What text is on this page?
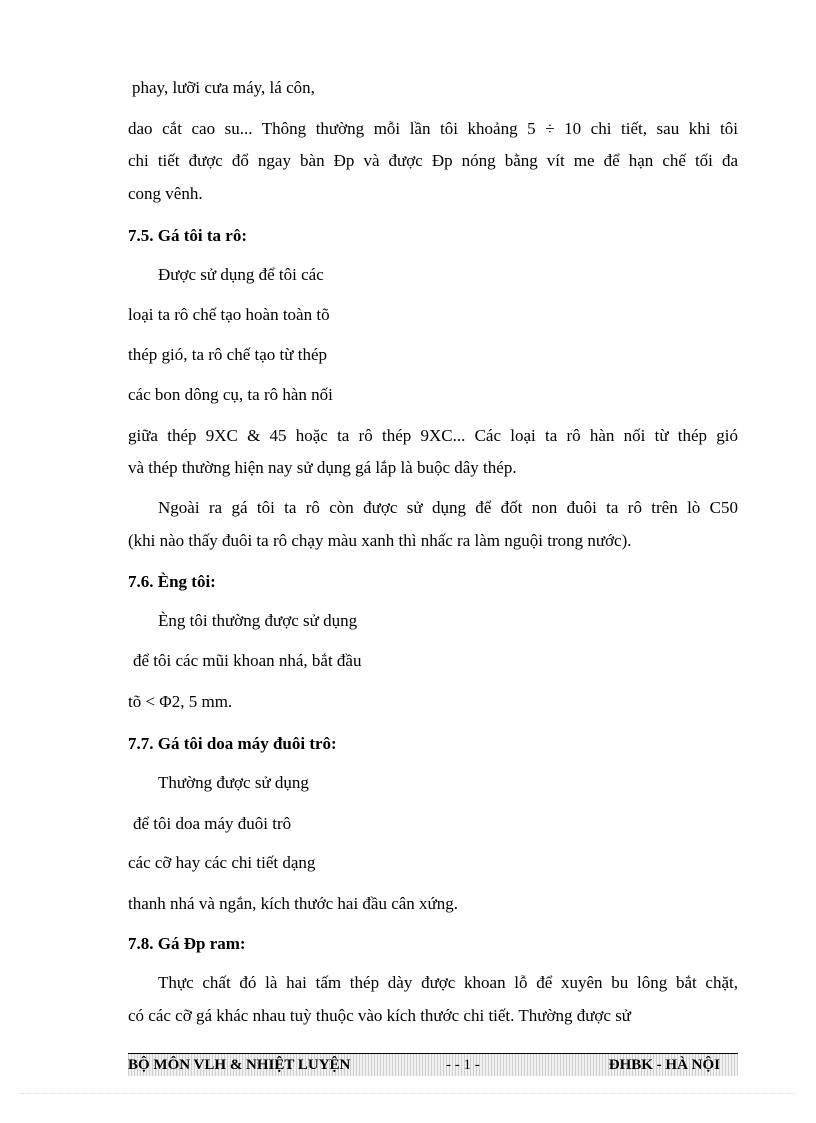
phay, lưỡi cưa máy, lá côn,
dao cắt cao su... Thông thường mỗi lần tôi khoảng 5 ÷ 10 chi tiết, sau khi tôi
chi tiết được đổ ngay bàn Đp và được Đp nóng bằng vít me để hạn chế tối đa
cong vênh.
7.5. Gá tôi ta rô:
Được sử dụng để tôi các
loại ta rô chế tạo hoàn toàn tõ
thép gió, ta rô chế tạo từ thép
các bon dông cụ, ta rô hàn nối
giữa thép 9XC & 45 hoặc ta rô thép 9XC... Các loại ta rô hàn nối từ thép gió
và thép thường hiện nay sử dụng gá lắp là buộc dây thép.
Ngoài ra gá tôi ta rô còn được sử dụng để đốt non đuôi ta rô trên lò C50
(khi nào thấy đuôi ta rô chạy màu xanh thì nhấc ra làm nguội trong nước).
7.6. Èng tôi:
Èng tôi thường được sử dụng
để tôi các mũi khoan nhá, bắt đầu
tõ < Φ2, 5 mm.
7.7. Gá tôi doa máy đuôi trô:
Thường được sử dụng
để tôi doa máy đuôi trô
các cỡ hay các chi tiết dạng
thanh nhá và ngắn, kích thước hai đầu cân xứng.
7.8. Gá Đp ram:
Thực chất đó là hai tấm thép dày được khoan lỗ để xuyên bu lông bắt chặt,
có các cỡ gá khác nhau tuỳ thuộc vào kích thước chi tiết. Thường được sử
BỘ MÔN VLH & NHIỆT LUYỆN	- - 1 -	ĐHBK - HÀ NỘI
